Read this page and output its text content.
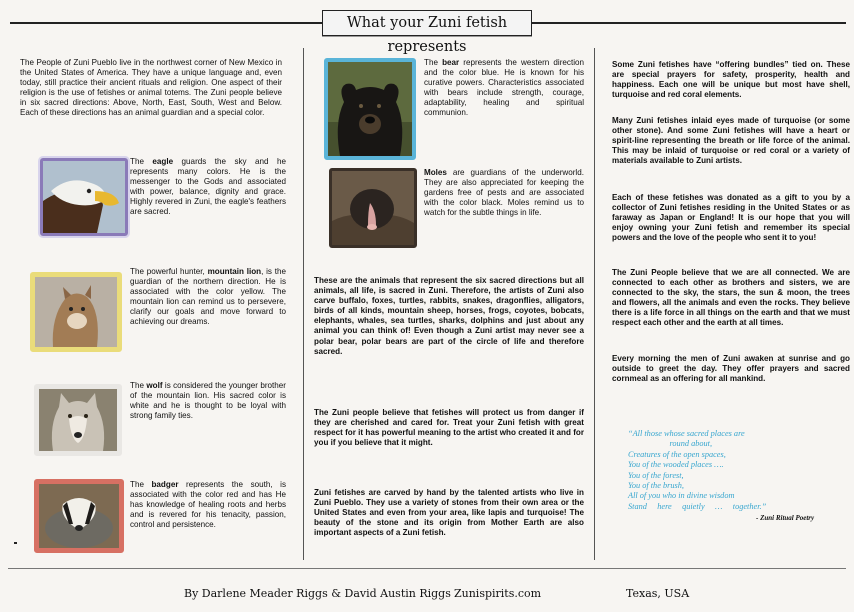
What your Zuni fetish represents

The People of Zuni Pueblo live in the northwest corner of New Mexico in the United States of America. They have a unique language and, even today, still practice their ancient rituals and religion. One aspect of their religion is the use of fetishes or animal totems. The Zuni people believe in six sacred directions: Above, North, East, South, West and Below. Each of these directions has an animal guardian and a special color.

The eagle guards the sky and he represents many colors. He is the messenger to the Gods and associated with power, balance, dignity and grace. Highly revered in Zuni, the eagle's feathers are sacred.

The powerful hunter, mountain lion, is the guardian of the northern direction. He is associated with the color yellow. The mountain lion can remind us to persevere, clarify our goals and move forward to achieving our dreams.

The wolf is considered the younger brother of the mountain lion. His sacred color is white and he is thought to be loyal with strong family ties.

The badger represents the south, is associated with the color red and has He has knowledge of healing roots and herbs and is revered for his tenacity, passion, control and persistence.

The bear represents the western direction and the color blue. He is known for his curative powers. Characteristics associated with bears include strength, courage, adaptability, healing and spiritual communion.

Moles are guardians of the underworld. They are also appreciated for keeping the gardens free of pests and are associated with the color black. Moles remind us to watch for the subtle things in life.

These are the animals that represent the six sacred directions but all animals, all life, is sacred in Zuni. Therefore, the artists of Zuni also carve buffalo, foxes, turtles, rabbits, snakes, dragonflies, alligators, birds of all kinds, mountain sheep, horses, frogs, coyotes, bobcats, elephants, whales, sea turtles, sharks, dolphins and just about any animal you can think of! Even though a Zuni artist may never see a polar bear, polar bears are part of the circle of life and therefore sacred.

The Zuni people believe that fetishes will protect us from danger if they are cherished and cared for. Treat your Zuni fetish with great respect for it has powerful meaning to the artist who created it and for you if you believe that it might.

Zuni fetishes are carved by hand by the talented artists who live in Zuni Pueblo. They use a variety of stones from their own area or the United States and even from your area, like lapis and turquoise! The beauty of the stone and its origin from Mother Earth are also important aspects of a Zuni fetish.

Some Zuni fetishes have “offering bundles” tied on. These are special prayers for safety, prosperity, health and happiness. Each one will be unique but most have shell, turquoise and red coral elements.

Many Zuni fetishes inlaid eyes made of turquoise (or some other stone). And some Zuni fetishes will have a heart or spirit-line representing the breath or life force of the animal. This may be inlaid of turquoise or red coral or a variety of materials available to Zuni artists.

Each of these fetishes was donated as a gift to you by a collector of Zuni fetishes residing in the United States or as faraway as Japan or England! It is our hope that you will enjoy owning your Zuni fetish and remember its special powers and the love of the people who sent it to you!

The Zuni People believe that we are all connected. We are connected to each other as brothers and sisters, we are connected to the sky, the stars, the sun & moon, the trees and flowers, all the animals and even the rocks. They believe there is a life force in all things on the earth and that we must respect each other and the earth at all times.

Every morning the men of Zuni awaken at sunrise and go outside to greet the day. They offer prayers and sacred cornmeal as an offering for all mankind.

“All those whose sacred places are
round about,
Creatures of the open spaces,
You of the wooded places ….
You of the forest,
You of the brush,
All of you who in divine wisdom
Stand     here     quietly     …     together.”
- Zuni Ritual Poetry
By Darlene Meader Riggs & David Austin Riggs Zunispirits.com	Texas, USA
